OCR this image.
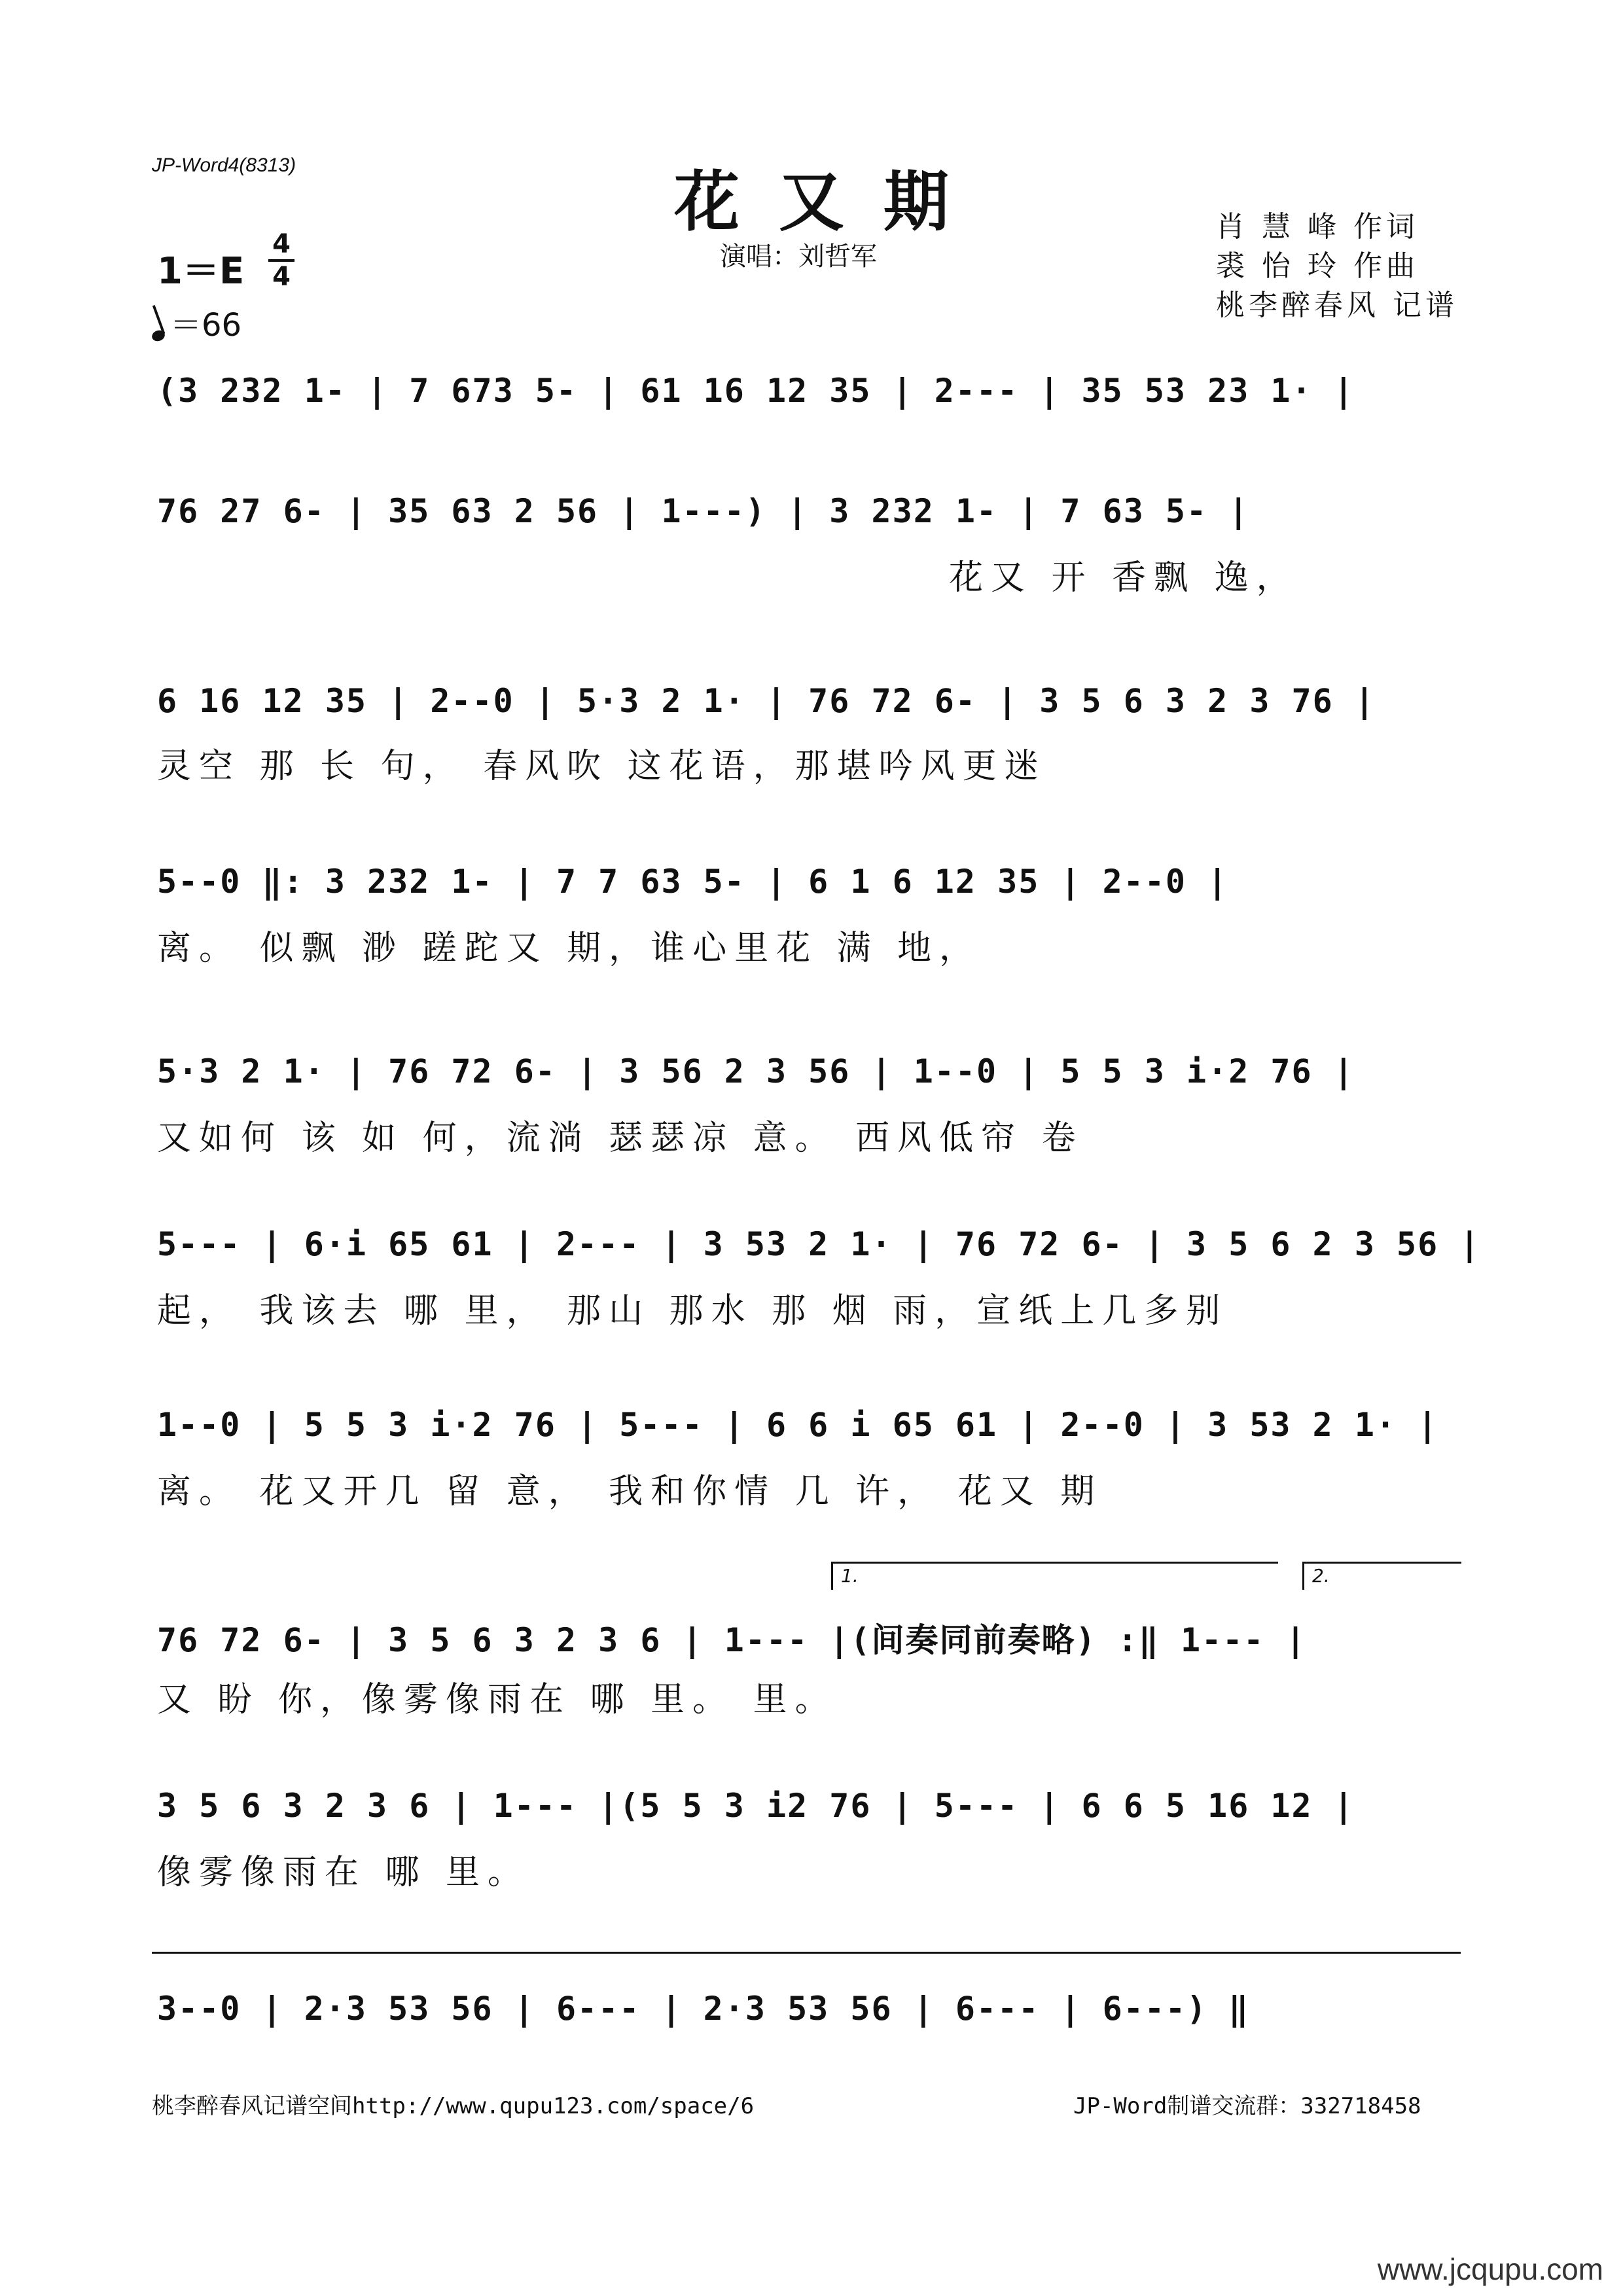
JP-Word4(8313)	花又期
演唱：刘哲军
肖 慧 峰 作词
裘 怡 玲 作曲
桃李醉春风 记谱
1＝E
4
4
＝66
(3 232 1- | 7 673 5- | 61 16 12 35 | 2--- | 35 53 23 1· |
76 27 6- | 35 63 2 56 | 1---) | 3 232 1- | 7 63 5- |
花又 开 香飘 逸，
6 16 12 35 | 2--0 | 5·3 2 1· | 76 72 6- | 3 5 6 3 2 3 76 |
灵空 那 长 句， 春风吹 这花语，那堪吟风更迷
5--0 ‖: 3 232 1- | 7 7 63 5- | 6 1 6 12 35 | 2--0 |
离。 似飘 渺 蹉跎又 期，谁心里花 满 地，
5·3 2 1· | 76 72 6- | 3 56 2 3 56 | 1--0 | 5 5 3 i·2 76 |
又如何 该 如 何，流淌 瑟瑟凉 意。 西风低帘 卷
5--- | 6·i 65 61 | 2--- | 3 53 2 1· | 76 72 6- | 3 5 6 2 3 56 |
起， 我该去 哪 里， 那山 那水 那 烟 雨，宣纸上几多别
1--0 | 5 5 3 i·2 76 | 5--- | 6 6 i 65 61 | 2--0 | 3 53 2 1· |
离。 花又开几 留 意， 我和你情 几 许， 花又 期
1.	2.
76 72 6- | 3 5 6 3 2 3 6 | 1--- |(间奏同前奏略) :‖ 1--- |
又 盼 你，像雾像雨在 哪 里。 里。
3 5 6 3 2 3 6 | 1--- |(5 5 3 i2 76 | 5--- | 6 6 5 16 12 |
像雾像雨在 哪 里。
3--0 | 2·3 53 56 | 6--- | 2·3 53 56 | 6--- | 6---) ‖
桃李醉春风记谱空间http://www.qupu123.com/space/6	JP-Word制谱交流群：332718458
www.jcqupu.com
